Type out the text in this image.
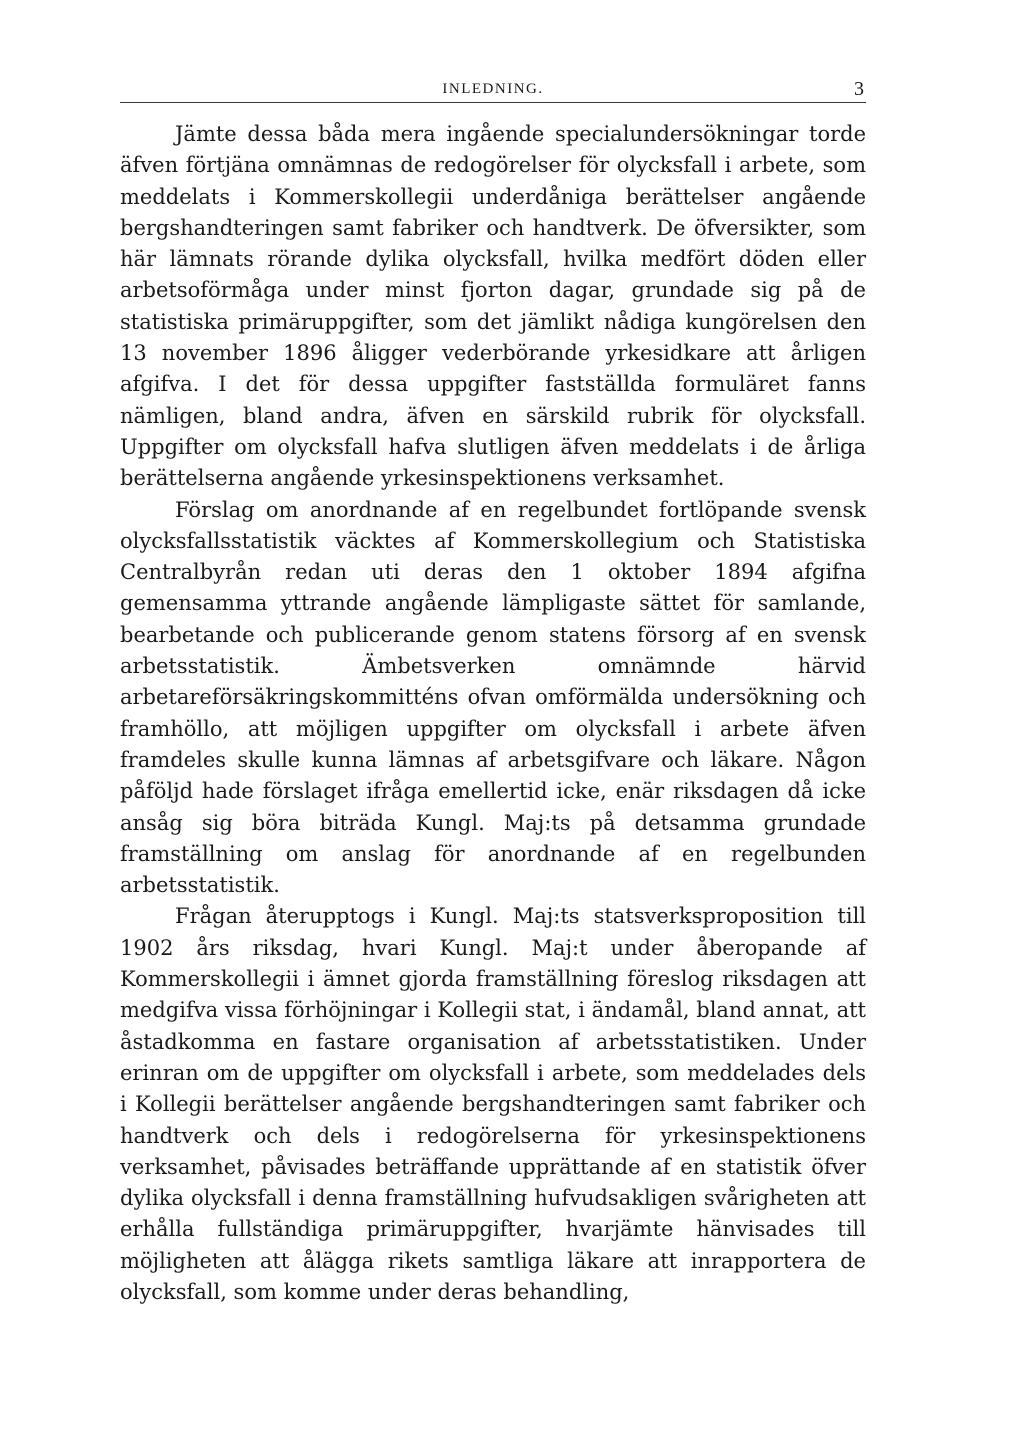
INLEDNING.	3

Jämte dessa båda mera ingående specialundersökningar torde äfven förtjäna omnämnas de redogörelser för olycksfall i arbete, som meddelats i Kommerskollegii underdåniga berättelser angående bergshandteringen samt fabriker och handtverk. De öfversikter, som här lämnats rörande dylika olycksfall, hvilka medfört döden eller arbetsoförmåga under minst fjorton dagar, grundade sig på de statistiska primäruppgifter, som det jämlikt nådiga kungörelsen den 13 november 1896 åligger vederbörande yrkesidkare att årligen afgifva. I det för dessa uppgifter fastställda formuläret fanns nämligen, bland andra, äfven en särskild rubrik för olycksfall. Uppgifter om olycksfall hafva slutligen äfven meddelats i de årliga berättelserna angående yrkesinspektionens verksamhet.

Förslag om anordnande af en regelbundet fortlöpande svensk olycksfallsstatistik väcktes af Kommerskollegium och Statistiska Centralbyrån redan uti deras den 1 oktober 1894 afgifna gemensamma yttrande angående lämpligaste sättet för samlande, bearbetande och publicerande genom statens försorg af en svensk arbetsstatistik. Ämbetsverken omnämnde härvid arbetareförsäkringskommitténs ofvan omförmälda undersökning och framhöllo, att möjligen uppgifter om olycksfall i arbete äfven framdeles skulle kunna lämnas af arbetsgifvare och läkare. Någon påföljd hade förslaget ifråga emellertid icke, enär riksdagen då icke ansåg sig böra biträda Kungl. Maj:ts på detsamma grundade framställning om anslag för anordnande af en regelbunden arbetsstatistik.

Frågan återupptogs i Kungl. Maj:ts statsverksproposition till 1902 års riksdag, hvari Kungl. Maj:t under åberopande af Kommerskollegii i ämnet gjorda framställning föreslog riksdagen att medgifva vissa förhöjningar i Kollegii stat, i ändamål, bland annat, att åstadkomma en fastare organisation af arbetsstatistiken. Under erinran om de uppgifter om olycksfall i arbete, som meddelades dels i Kollegii berättelser angående bergshandteringen samt fabriker och handtverk och dels i redogörelserna för yrkesinspektionens verksamhet, påvisades beträffande upprättande af en statistik öfver dylika olycksfall i denna framställning hufvudsakligen svårigheten att erhålla fullständiga primäruppgifter, hvarjämte hänvisades till möjligheten att ålägga rikets samtliga läkare att inrapportera de olycksfall, som komme under deras behandling,
